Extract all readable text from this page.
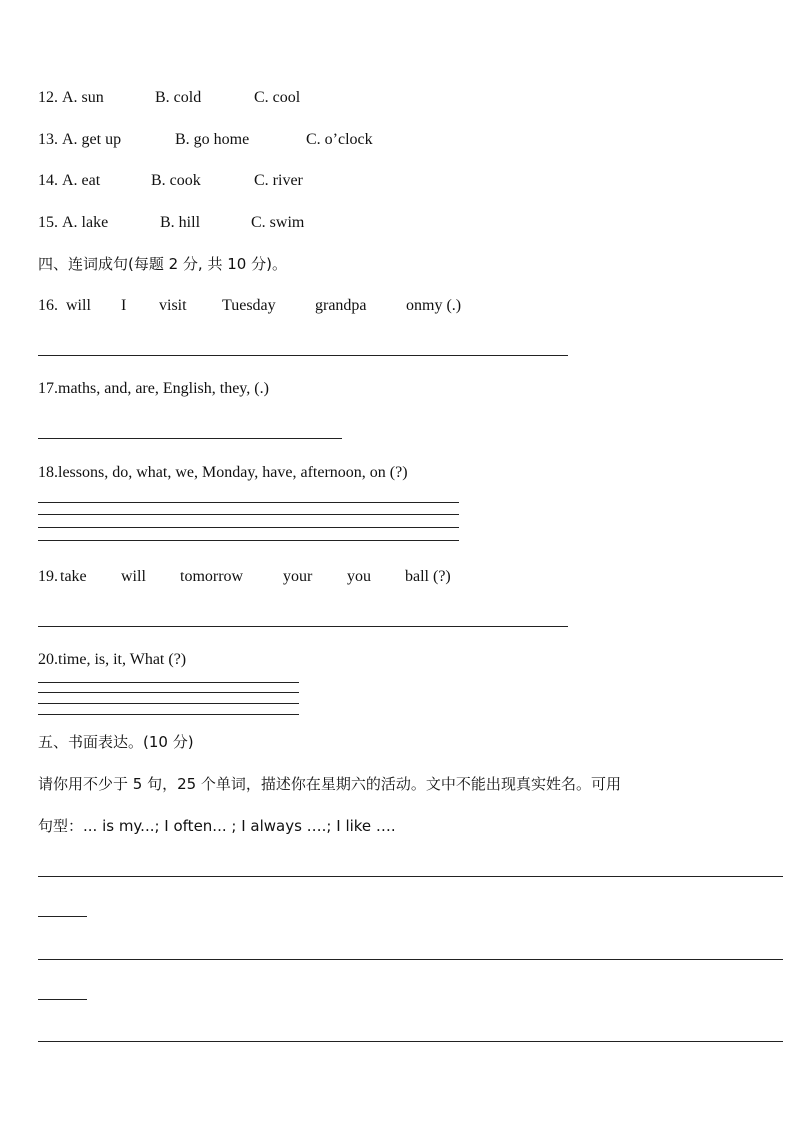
12. A. sun	B. cold	C. cool
13. A. get up	B. go home	C. o’clock
14. A. eat	B. cook	C. river
15. A. lake	B. hill	C. swim
四、连词成句(每题 2 分, 共 10 分)。
16. will I visit Tuesday grandpa onmy (.)
17.maths, and, are, English, they, (.)
18.lessons, do, what, we, Monday, have, afternoon, on (?)
19. take will tomorrow your you ball (?)
20.time, is, it, What (?)
五、书面表达。(10 分)
请你用不少于 5 句，25 个单词，描述你在星期六的活动。文中不能出现真实姓名。可用
句型：... is my...; I often... ; I always ….; I like ….
